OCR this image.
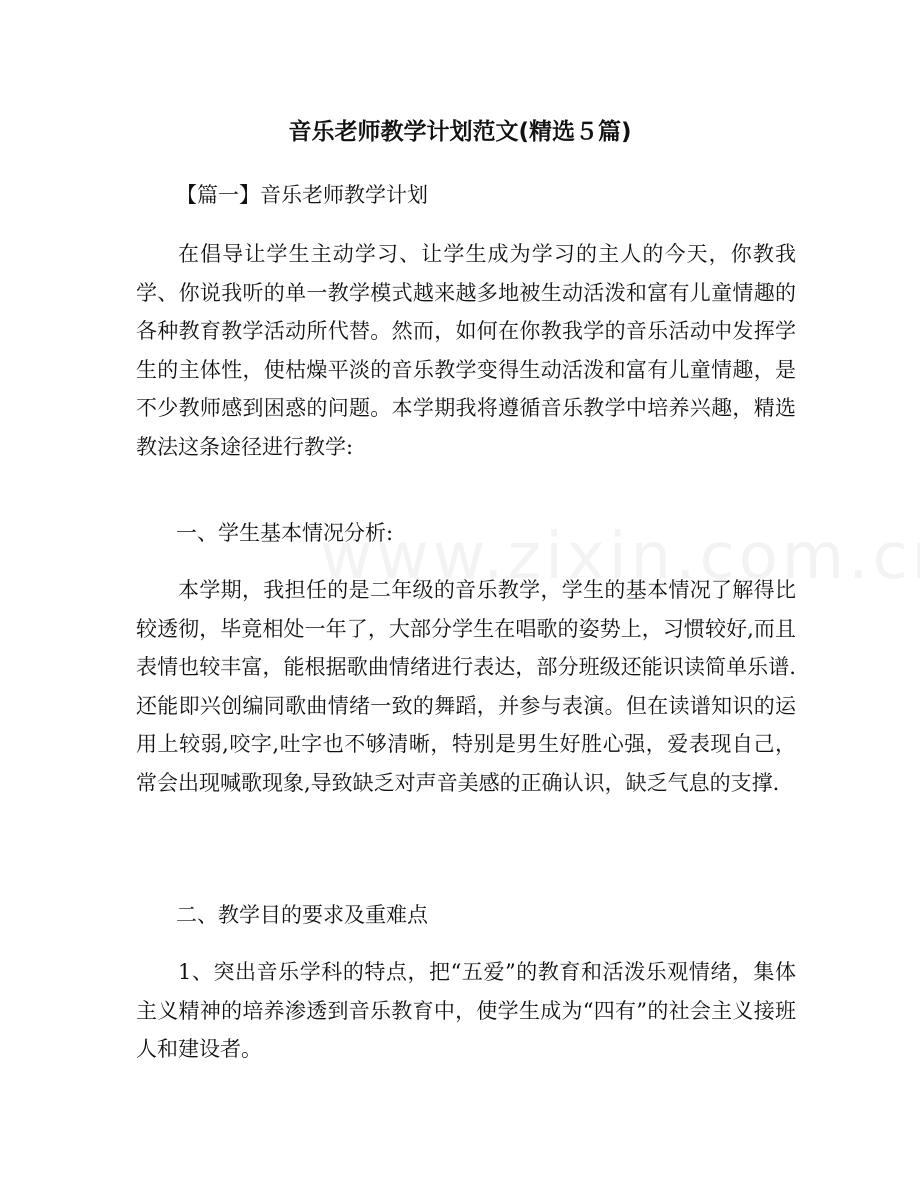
音乐老师教学计划范文(精选５篇)

【篇一】音乐老师教学计划

在倡导让学生主动学习、让学生成为学习的主人的今天，你教我学、你说我听的单一教学模式越来越多地被生动活泼和富有儿童情趣的各种教育教学活动所代替。然而，如何在你教我学的音乐活动中发挥学生的主体性，使枯燥平淡的音乐教学变得生动活泼和富有儿童情趣，是不少教师感到困惑的问题。本学期我将遵循音乐教学中培养兴趣，精选教法这条途径进行教学:

一、学生基本情况分析:

本学期，我担任的是二年级的音乐教学，学生的基本情况了解得比较透彻，毕竟相处一年了，大部分学生在唱歌的姿势上，习惯较好,而且表情也较丰富，能根据歌曲情绪进行表达，部分班级还能识读简单乐谱.还能即兴创编同歌曲情绪一致的舞蹈，并参与表演。但在读谱知识的运用上较弱,咬字,吐字也不够清晰，特别是男生好胜心强，爱表现自己，常会出现喊歌现象,导致缺乏对声音美感的正确认识，缺乏气息的支撑.

二、教学目的要求及重难点

1、突出音乐学科的特点，把“五爱”的教育和活泼乐观情绪，集体主义精神的培养渗透到音乐教育中，使学生成为“四有”的社会主义接班人和建设者。
